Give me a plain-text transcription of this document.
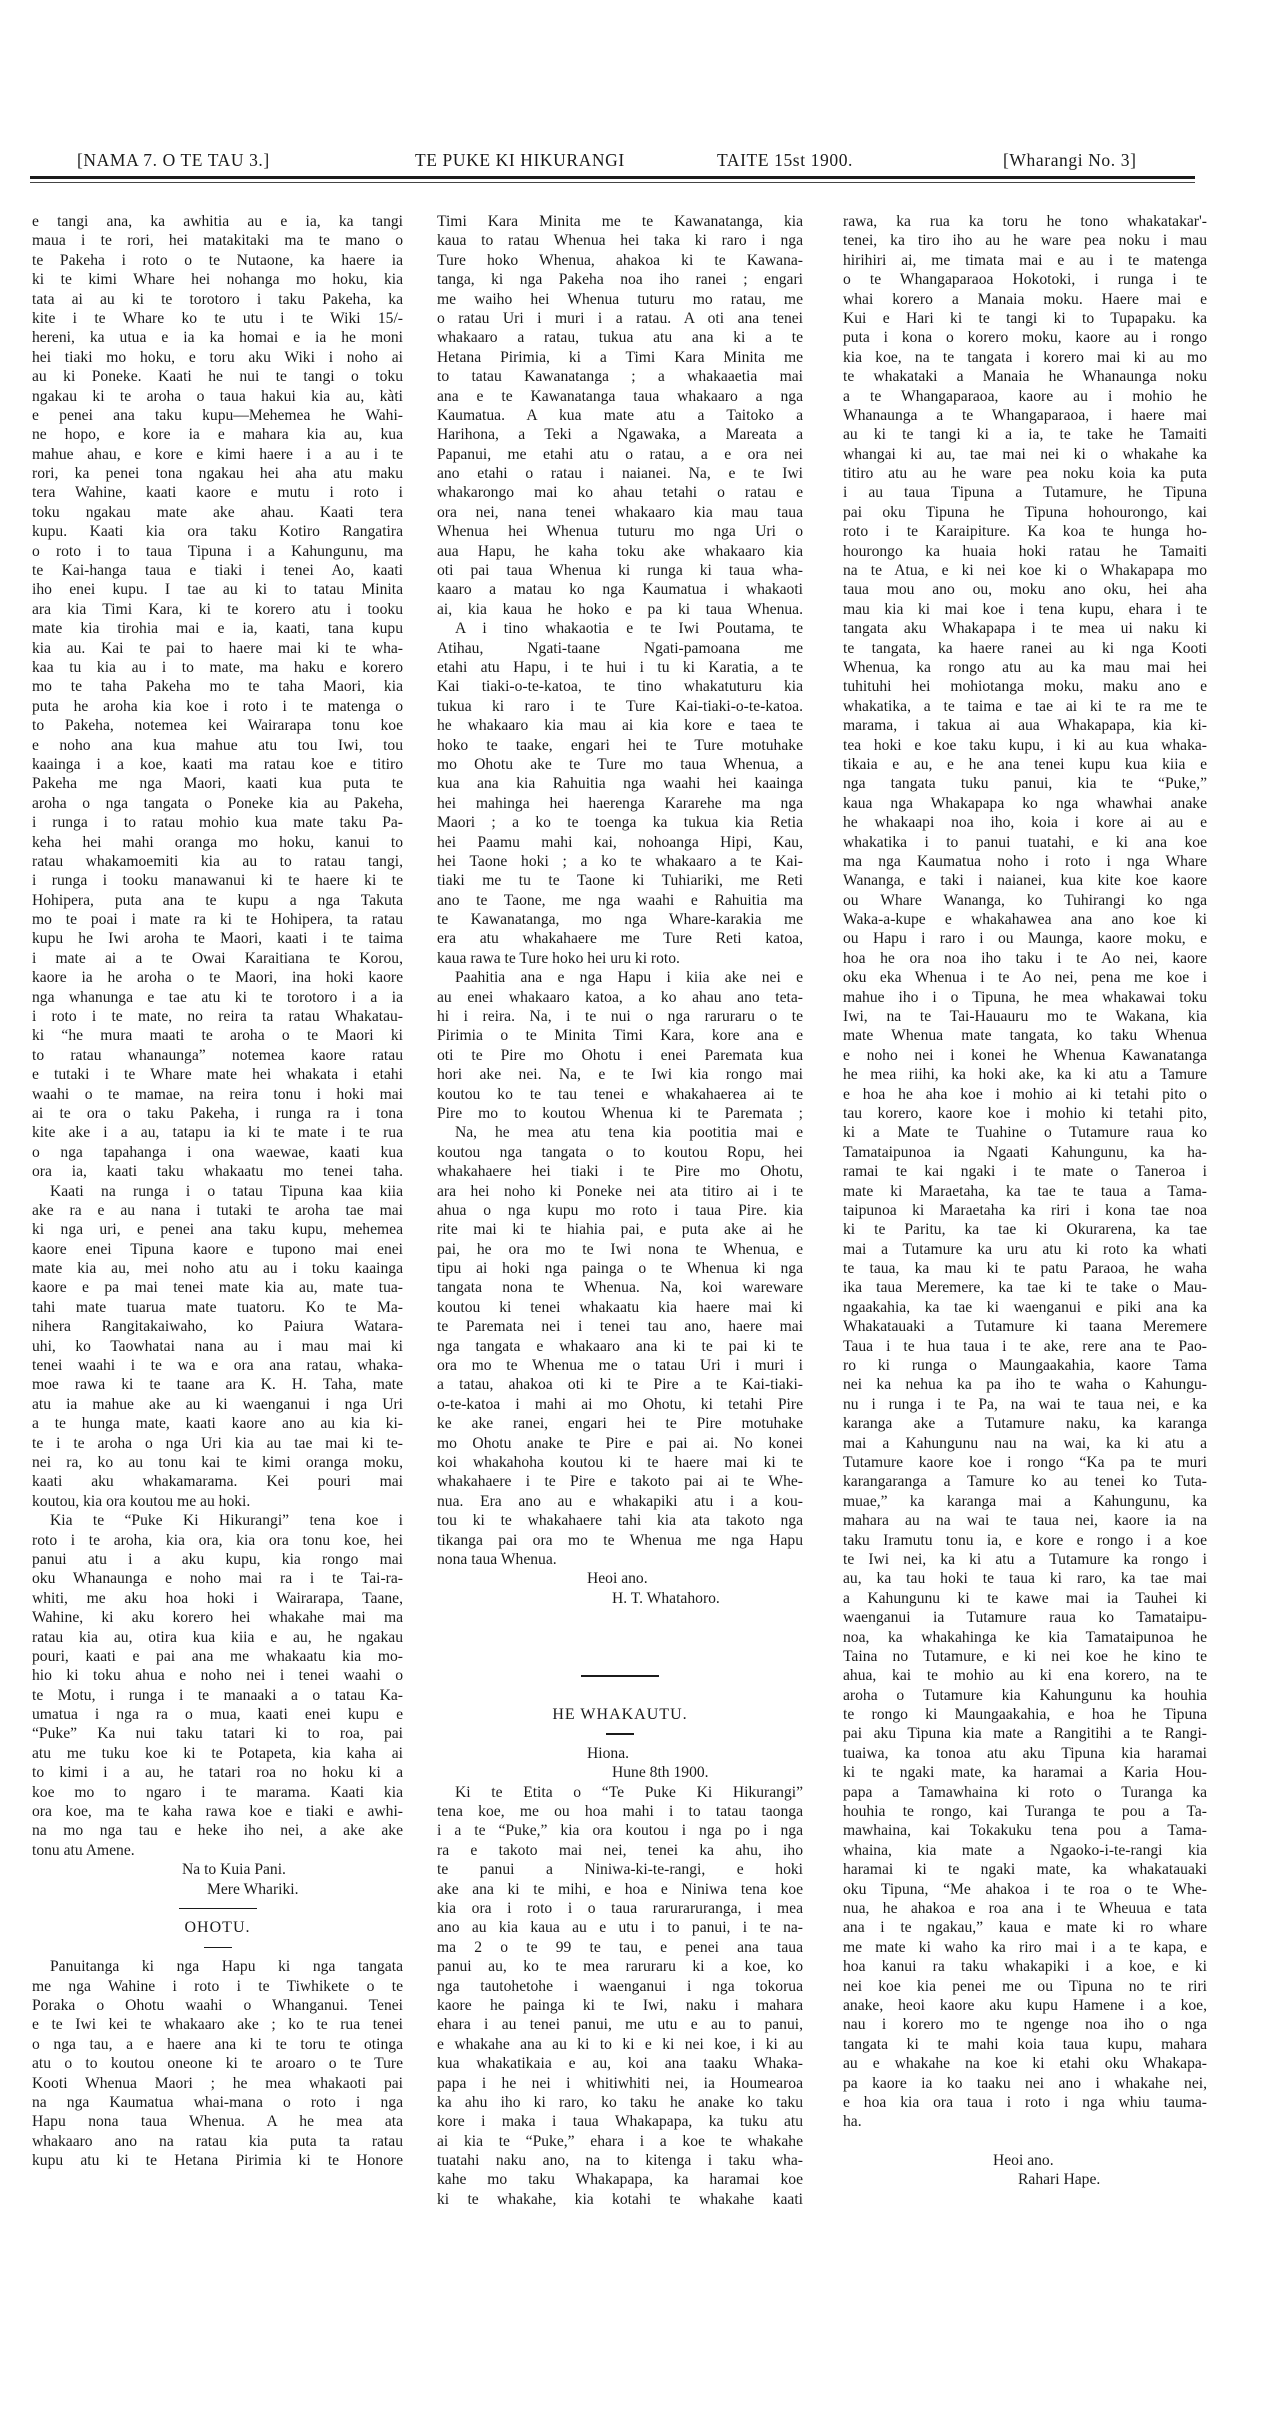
[NAMA 7. O TE TAU 3.]	TE PUKE KI HIKURANGI	TAITE 15st 1900.	[Wharangi No. 3]
e tangi ana, ka awhitia au e ia, ka tangi
maua i te rori, hei matakitaki ma te mano o
te Pakeha i roto o te Nutaone, ka haere ia
ki te kimi Whare hei nohanga mo hoku, kia
tata ai au ki te torotoro i taku Pakeha, ka
kite i te Whare ko te utu i te Wiki 15/-
hereni, ka utua e ia ka homai e ia he moni
hei tiaki mo hoku, e toru aku Wiki i noho ai
au ki Poneke. Kaati he nui te tangi o toku
ngakau ki te aroha o taua hakui kia au, kàti
e penei ana taku kupu—Mehemea he Wahi-
ne hopo, e kore ia e mahara kia au, kua
mahue ahau, e kore e kimi haere i a au i te
rori, ka penei tona ngakau hei aha atu maku
tera Wahine, kaati kaore e mutu i roto i
toku ngakau mate ake ahau. Kaati tera
kupu. Kaati kia ora taku Kotiro Rangatira
o roto i to taua Tipuna i a Kahungunu, ma
te Kai-hanga taua e tiaki i tenei Ao, kaati
iho enei kupu. I tae au ki to tatau Minita
ara kia Timi Kara, ki te korero atu i tooku
mate kia tirohia mai e ia, kaati, tana kupu
kia au. Kai te pai to haere mai ki te wha-
kaa tu kia au i to mate, ma haku e korero
mo te taha Pakeha mo te taha Maori, kia
puta he aroha kia koe i roto i te matenga o
to Pakeha, notemea kei Wairarapa tonu koe
e noho ana kua mahue atu tou Iwi, tou
kaainga i a koe, kaati ma ratau koe e titiro
Pakeha me nga Maori, kaati kua puta te
aroha o nga tangata o Poneke kia au Pakeha,
i runga i to ratau mohio kua mate taku Pa-
keha hei mahi oranga mo hoku, kanui to
ratau whakamoemiti kia au to ratau tangi,
i runga i tooku manawanui ki te haere ki te
Hohipera, puta ana te kupu a nga Takuta
mo te poai i mate ra ki te Hohipera, ta ratau
kupu he Iwi aroha te Maori, kaati i te taima
i mate ai a te Owai Karaitiana te Korou,
kaore ia he aroha o te Maori, ina hoki kaore
nga whanunga e tae atu ki te torotoro i a ia
i roto i te mate, no reira ta ratau Whakatau-
ki “he mura maati te aroha o te Maori ki
to ratau whanaunga” notemea kaore ratau
e tutaki i te Whare mate hei whakata i etahi
waahi o te mamae, na reira tonu i hoki mai
ai te ora o taku Pakeha, i runga ra i tona
kite ake i a au, tatapu ia ki te mate i te rua
o nga tapahanga i ona waewae, kaati kua
ora ia, kaati taku whakaatu mo tenei taha.
Kaati na runga i o tatau Tipuna kaa kiia
ake ra e au nana i tutaki te aroha tae mai
ki nga uri, e penei ana taku kupu, mehemea
kaore enei Tipuna kaore e tupono mai enei
mate kia au, mei noho atu au i toku kaainga
kaore e pa mai tenei mate kia au, mate tua-
tahi mate tuarua mate tuatoru. Ko te Ma-
nihera Rangitakaiwaho, ko Paiura Watara-
uhi, ko Taowhatai nana au i mau mai ki
tenei waahi i te wa e ora ana ratau, whaka-
moe rawa ki te taane ara K. H. Taha, mate
atu ia mahue ake au ki waenganui i nga Uri
a te hunga mate, kaati kaore ano au kia ki-
te i te aroha o nga Uri kia au tae mai ki te-
nei ra, ko au tonu kai te kimi oranga moku,
kaati aku whakamarama. Kei pouri mai
koutou, kia ora koutou me au hoki.
Kia te “Puke Ki Hikurangi” tena koe i
roto i te aroha, kia ora, kia ora tonu koe, hei
panui atu i a aku kupu, kia rongo mai
oku Whanaunga e noho mai ra i te Tai-ra-
whiti, me aku hoa hoki i Wairarapa, Taane,
Wahine, ki aku korero hei whakahe mai ma
ratau kia au, otira kua kiia e au, he ngakau
pouri, kaati e pai ana me whakaatu kia mo-
hio ki toku ahua e noho nei i tenei waahi o
te Motu, i runga i te manaaki a o tatau Ka-
umatua i nga ra o mua, kaati enei kupu e
“Puke” Ka nui taku tatari ki to roa, pai
atu me tuku koe ki te Potapeta, kia kaha ai
to kimi i a au, he tatari roa no hoku ki a
koe mo to ngaro i te marama. Kaati kia
ora koe, ma te kaha rawa koe e tiaki e awhi-
na mo nga tau e heke iho nei, a ake ake
tonu atu Amene.
Na to Kuia Pani.
Mere Whariki.
OHOTU.
Panuitanga ki nga Hapu ki nga tangata
me nga Wahine i roto i te Tiwhikete o te
Poraka o Ohotu waahi o Whanganui. Tenei
e te Iwi kei te whakaaro ake ; ko te rua tenei
o nga tau, a e haere ana ki te toru te otinga
atu o to koutou oneone ki te aroaro o te Ture
Kooti Whenua Maori ; he mea whakaoti pai
na nga Kaumatua whai-mana o roto i nga
Hapu nona taua Whenua. A he mea ata
whakaaro ano na ratau kia puta ta ratau
kupu atu ki te Hetana Pirimia ki te Honore
Timi Kara Minita me te Kawanatanga, kia
kaua to ratau Whenua hei taka ki raro i nga
Ture hoko Whenua, ahakoa ki te Kawana-
tanga, ki nga Pakeha noa iho ranei ; engari
me waiho hei Whenua tuturu mo ratau, me
o ratau Uri i muri i a ratau. A oti ana tenei
whakaaro a ratau, tukua atu ana ki a te
Hetana Pirimia, ki a Timi Kara Minita me
to tatau Kawanatanga ; a whakaaetia mai
ana e te Kawanatanga taua whakaaro a nga
Kaumatua. A kua mate atu a Taitoko a
Harihona, a Teki a Ngawaka, a Mareata a
Papanui, me etahi atu o ratau, a e ora nei
ano etahi o ratau i naianei. Na, e te Iwi
whakarongo mai ko ahau tetahi o ratau e
ora nei, nana tenei whakaaro kia mau taua
Whenua hei Whenua tuturu mo nga Uri o
aua Hapu, he kaha toku ake whakaaro kia
oti pai taua Whenua ki runga ki taua wha-
kaaro a matau ko nga Kaumatua i whakaoti
ai, kia kaua he hoko e pa ki taua Whenua.
A i tino whakaotia e te Iwi Poutama, te
Atihau, Ngati-taane Ngati-pamoana me
etahi atu Hapu, i te hui i tu ki Karatia, a te
Kai tiaki-o-te-katoa, te tino whakatuturu kia
tukua ki raro i te Ture Kai-tiaki-o-te-katoa.
he whakaaro kia mau ai kia kore e taea te
hoko te taake, engari hei te Ture motuhake
mo Ohotu ake te Ture mo taua Whenua, a
kua ana kia Rahuitia nga waahi hei kaainga
hei mahinga hei haerenga Kararehe ma nga
Maori ; a ko te toenga ka tukua kia Retia
hei Paamu mahi kai, nohoanga Hipi, Kau,
hei Taone hoki ; a ko te whakaaro a te Kai-
tiaki me tu te Taone ki Tuhiariki, me Reti
ano te Taone, me nga waahi e Rahuitia ma
te Kawanatanga, mo nga Whare-karakia me
era atu whakahaere me Ture Reti katoa,
kaua rawa te Ture hoko hei uru ki roto.
Paahitia ana e nga Hapu i kiia ake nei e
au enei whakaaro katoa, a ko ahau ano teta-
hi i reira. Na, i te nui o nga raruraru o te
Pirimia o te Minita Timi Kara, kore ana e
oti te Pire mo Ohotu i enei Paremata kua
hori ake nei. Na, e te Iwi kia rongo mai
koutou ko te tau tenei e whakahaerea ai te
Pire mo to koutou Whenua ki te Paremata ;
Na, he mea atu tena kia pootitia mai e
koutou nga tangata o to koutou Ropu, hei
whakahaere hei tiaki i te Pire mo Ohotu,
ara hei noho ki Poneke nei ata titiro ai i te
ahua o nga kupu mo roto i taua Pire. kia
rite mai ki te hiahia pai, e puta ake ai he
pai, he ora mo te Iwi nona te Whenua, e
tipu ai hoki nga painga o te Whenua ki nga
tangata nona te Whenua. Na, koi wareware
koutou ki tenei whakaatu kia haere mai ki
te Paremata nei i tenei tau ano, haere mai
nga tangata e whakaaro ana ki te pai ki te
ora mo te Whenua me o tatau Uri i muri i
a tatau, ahakoa oti ki te Pire a te Kai-tiaki-
o-te-katoa i mahi ai mo Ohotu, ki tetahi Pire
ke ake ranei, engari hei te Pire motuhake
mo Ohotu anake te Pire e pai ai. No konei
koi whakahoha koutou ki te haere mai ki te
whakahaere i te Pire e takoto pai ai te Whe-
nua. Era ano au e whakapiki atu i a kou-
tou ki te whakahaere tahi kia ata takoto nga
tikanga pai ora mo te Whenua me nga Hapu
nona taua Whenua.
Heoi ano.
H. T. Whatahoro.
HE WHAKAUTU.
Hiona.
Hune 8th 1900.
Ki te Etita o “Te Puke Ki Hikurangi”
tena koe, me ou hoa mahi i to tatau taonga
i a te “Puke,” kia ora koutou i nga po i nga
ra e takoto mai nei, tenei ka ahu, iho
te panui a Niniwa-ki-te-rangi, e hoki
ake ana ki te mihi, e hoa e Niniwa tena koe
kia ora i roto i o taua raruraruranga, i mea
ano au kia kaua au e utu i to panui, i te na-
ma 2 o te 99 te tau, e penei ana taua
panui au, ko te mea raruraru ki a koe, ko
nga tautohetohe i waenganui i nga tokorua
kaore he painga ki te Iwi, naku i mahara
ehara i au tenei panui, me utu e au to panui,
e whakahe ana au ki to ki e ki nei koe, i ki au
kua whakatikaia e au, koi ana taaku Whaka-
papa i he nei i whitiwhiti nei, ia Houmearoa
ka ahu iho ki raro, ko taku he anake ko taku
kore i maka i taua Whakapapa, ka tuku atu
ai kia te “Puke,” ehara i a koe te whakahe
tuatahi naku ano, na to kitenga i taku wha-
kahe mo taku Whakapapa, ka haramai koe
ki te whakahe, kia kotahi te whakahe kaati
rawa, ka rua ka toru he tono whakatakar'-
tenei, ka tiro iho au he ware pea noku i mau
hirihiri ai, me timata mai e au i te matenga
o te Whangaparaoa Hokotoki, i runga i te
whai korero a Manaia moku. Haere mai e
Kui e Hari ki te tangi ki to Tupapaku. ka
puta i kona o korero moku, kaore au i rongo
kia koe, na te tangata i korero mai ki au mo
te whakataki a Manaia he Whanaunga noku
a te Whangaparaoa, kaore au i mohio he
Whanaunga a te Whangaparaoa, i haere mai
au ki te tangi ki a ia, te take he Tamaiti
whangai ki au, tae mai nei ki o whakahe ka
titiro atu au he ware pea noku koia ka puta
i au taua Tipuna a Tutamure, he Tipuna
pai oku Tipuna he Tipuna hohourongo, kai
roto i te Karaipiture. Ka koa te hunga ho-
hourongo ka huaia hoki ratau he Tamaiti
na te Atua, e ki nei koe ki o Whakapapa mo
taua mou ano ou, moku ano oku, hei aha
mau kia ki mai koe i tena kupu, ehara i te
tangata aku Whakapapa i te mea ui naku ki
te tangata, ka haere ranei au ki nga Kooti
Whenua, ka rongo atu au ka mau mai hei
tuhituhi hei mohiotanga moku, maku ano e
whakatika, a te taima e tae ai ki te ra me te
marama, i takua ai aua Whakapapa, kia ki-
tea hoki e koe taku kupu, i ki au kua whaka-
tikaia e au, e he ana tenei kupu kua kiia e
nga tangata tuku panui, kia te “Puke,”
kaua nga Whakapapa ko nga whawhai anake
he whakaapi noa iho, koia i kore ai au e
whakatika i to panui tuatahi, e ki ana koe
ma nga Kaumatua noho i roto i nga Whare
Wananga, e taki i naianei, kua kite koe kaore
ou Whare Wananga, ko Tuhirangi ko nga
Waka-a-kupe e whakahawea ana ano koe ki
ou Hapu i raro i ou Maunga, kaore moku, e
hoa he ora noa iho taku i te Ao nei, kaore
oku eka Whenua i te Ao nei, pena me koe i
mahue iho i o Tipuna, he mea whakawai toku
Iwi, na te Tai-Hauauru mo te Wakana, kia
mate Whenua mate tangata, ko taku Whenua
e noho nei i konei he Whenua Kawanatanga
he mea riihi, ka hoki ake, ka ki atu a Tamure
e hoa he aha koe i mohio ai ki tetahi pito o
tau korero, kaore koe i mohio ki tetahi pito,
ki a Mate te Tuahine o Tutamure raua ko
Tamataipunoa ia Ngaati Kahungunu, ka ha-
ramai te kai ngaki i te mate o Taneroa i
mate ki Maraetaha, ka tae te taua a Tama-
taipunoa ki Maraetaha ka riri i kona tae noa
ki te Paritu, ka tae ki Okurarena, ka tae
mai a Tutamure ka uru atu ki roto ka whati
te taua, ka mau ki te patu Paraoa, he waha
ika taua Meremere, ka tae ki te take o Mau-
ngaakahia, ka tae ki waenganui e piki ana ka
Whakatauaki a Tutamure ki taana Meremere
Taua i te hua taua i te ake, rere ana te Pao-
ro ki runga o Maungaakahia, kaore Tama
nei ka nehua ka pa iho te waha o Kahungu-
nu i runga i te Pa, na wai te taua nei, e ka
karanga ake a Tutamure naku, ka karanga
mai a Kahungunu nau na wai, ka ki atu a
Tutamure kaore koe i rongo “Ka pa te muri
karangaranga a Tamure ko au tenei ko Tuta-
muae,” ka karanga mai a Kahungunu, ka
mahara au na wai te taua nei, kaore ia na
taku Iramutu tonu ia, e kore e rongo i a koe
te Iwi nei, ka ki atu a Tutamure ka rongo i
au, ka tau hoki te taua ki raro, ka tae mai
a Kahungunu ki te kawe mai ia Tauhei ki
waenganui ia Tutamure raua ko Tamataipu-
noa, ka whakahinga ke kia Tamataipunoa he
Taina no Tutamure, e ki nei koe he kino te
ahua, kai te mohio au ki ena korero, na te
aroha o Tutamure kia Kahungunu ka houhia
te rongo ki Maungaakahia, e hoa he Tipuna
pai aku Tipuna kia mate a Rangitihi a te Rangi-
tuaiwa, ka tonoa atu aku Tipuna kia haramai
ki te ngaki mate, ka haramai a Karia Hou-
papa a Tamawhaina ki roto o Turanga ka
houhia te rongo, kai Turanga te pou a Ta-
mawhaina, kai Tokakuku tena pou a Tama-
whaina, kia mate a Ngaoko-i-te-rangi kia
haramai ki te ngaki mate, ka whakatauaki
oku Tipuna, “Me ahakoa i te roa o te Whe-
nua, he ahakoa e roa ana i te Wheuua e tata
ana i te ngakau,” kaua e mate ki ro whare
me mate ki waho ka riro mai i a te kapa, e
hoa kanui ra taku whakapiki i a koe, e ki
nei koe kia penei me ou Tipuna no te riri
anake, heoi kaore aku kupu Hamene i a koe,
nau i korero mo te ngenge noa iho o nga
tangata ki te mahi koia taua kupu, mahara
au e whakahe na koe ki etahi oku Whakapa-
pa kaore ia ko taaku nei ano i whakahe nei,
e hoa kia ora taua i roto i nga whiu tauma-
ha.
Heoi ano.
Rahari Hape.
